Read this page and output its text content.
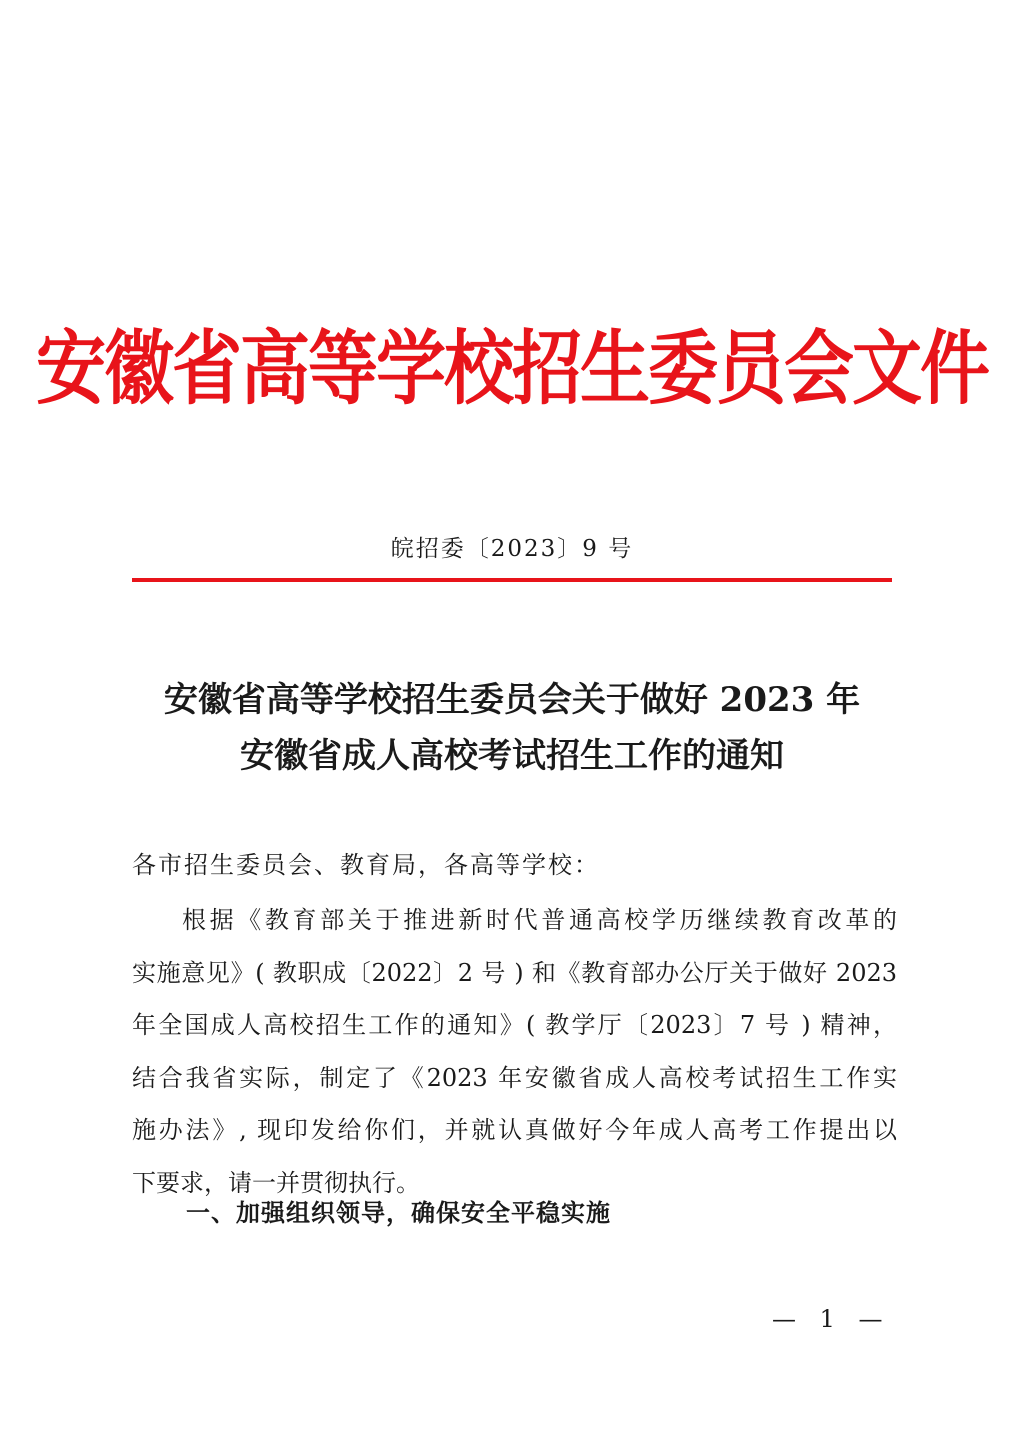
安徽省高等学校招生委员会文件
皖招委〔2023〕9 号
安徽省高等学校招生委员会关于做好 2023 年
安徽省成人高校考试招生工作的通知
各市招生委员会、教育局，各高等学校：
根据《教育部关于推进新时代普通高校学历继续教育改革的
实施意见》( 教职成〔2022〕2 号 ) 和《教育部办公厅关于做好 2023
年全国成人高校招生工作的通知》( 教学厅〔2023〕7 号 ) 精神，
结合我省实际，制定了《2023 年安徽省成人高校考试招生工作实
施办法》, 现印发给你们，并就认真做好今年成人高考工作提出以
下要求，请一并贯彻执行。
一、加强组织领导，确保安全平稳实施
— 1 —
